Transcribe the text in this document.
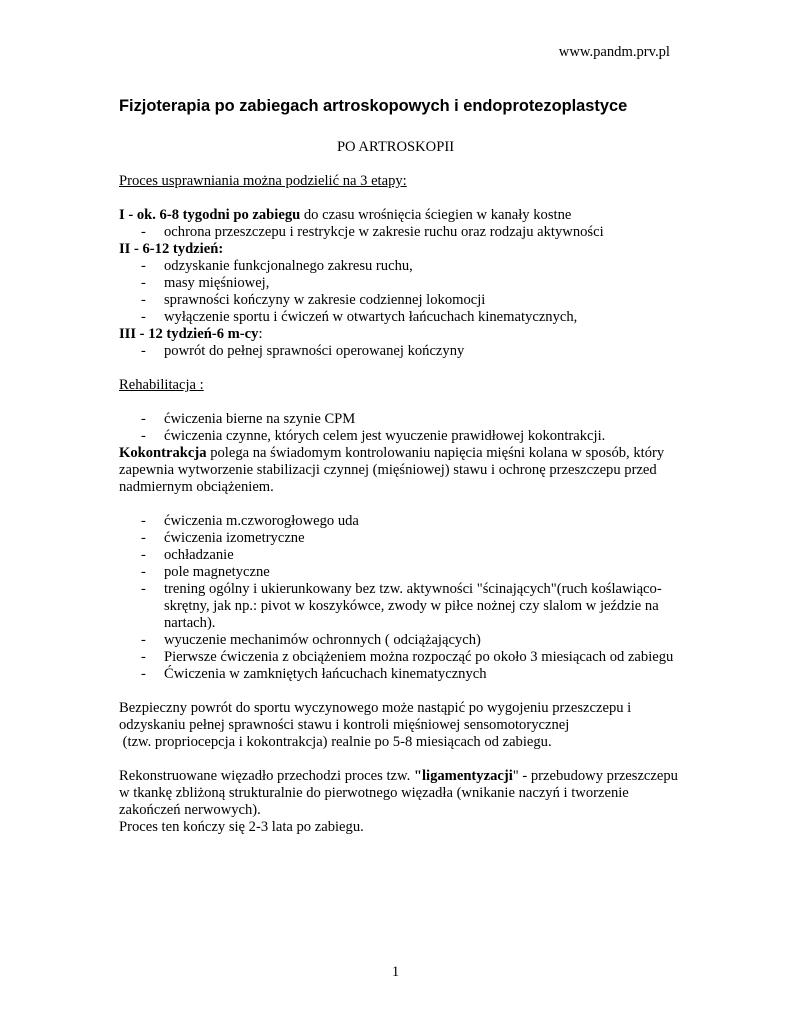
www.pandm.prv.pl
Fizjoterapia po zabiegach artroskopowych i endoprotezoplastyce
PO ARTROSKOPII
Proces usprawniania można podzielić na 3 etapy:
I - ok. 6-8 tygodni po zabiegu do czasu wrośnięcia ściegien w kanały kostne
- ochrona przeszczepu i restrykcje w zakresie ruchu oraz rodzaju aktywności
II - 6-12 tydzień:
- odzyskanie funkcjonalnego zakresu ruchu,
- masy mięśniowej,
- sprawności kończyny w zakresie codziennej lokomocji
- wyłączenie sportu i ćwiczeń w otwartych łańcuchach kinematycznych,
III - 12 tydzień-6 m-cy:
- powrót do pełnej sprawności operowanej kończyny
Rehabilitacja :
- ćwiczenia bierne na szynie CPM
- ćwiczenia czynne, których celem jest wyuczenie prawidłowej kokontrakcji.
Kokontrakcja polega na świadomym kontrolowaniu napięcia mięśni kolana w sposób, który zapewnia wytworzenie stabilizacji czynnej (mięśniowej) stawu i ochronę przeszczepu przed nadmiernym obciążeniem.
- ćwiczenia m.czworogłowego uda
- ćwiczenia izometryczne
- ochładzanie
- pole magnetyczne
- trening ogólny i ukierunkowany bez tzw. aktywności "ścinających"(ruch koślawiąco-skrętny, jak np.: pivot w koszykówce, zwody w piłce nożnej czy slalom w jeździe na nartach).
- wyuczenie mechanimów ochronnych ( odciążających)
- Pierwsze ćwiczenia z obciążeniem można rozpocząć po około 3 miesiącach od zabiegu
- Ćwiczenia w zamkniętych łańcuchach kinematycznych
Bezpieczny powrót do sportu wyczynowego może nastąpić po wygojeniu przeszczepu i
odzyskaniu pełnej sprawności stawu i kontroli mięśniowej sensomotorycznej
(tzw. propriocepcja i kokontrakcja) realnie po 5-8 miesiącach od zabiegu.
Rekonstruowane więzadło przechodzi proces tzw. "ligamentyzacji" - przebudowy przeszczepu w tkankę zbliżoną strukturalnie do pierwotnego więzadła (wnikanie naczyń i tworzenie zakończeń nerwowych).
Proces ten kończy się 2-3 lata po zabiegu.
1
